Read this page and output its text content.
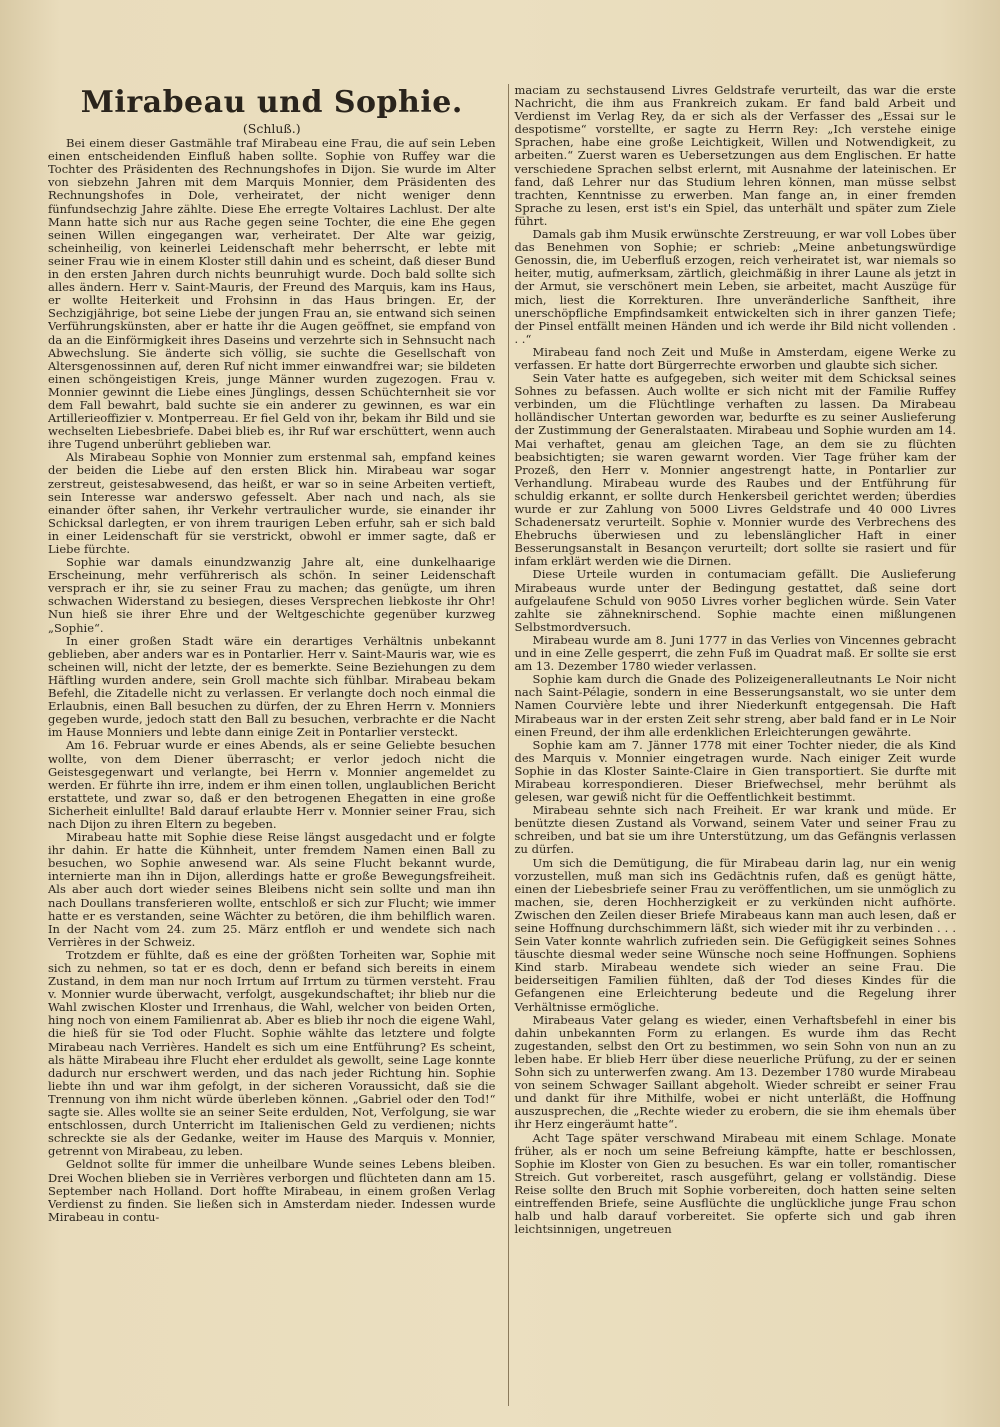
Mirabeau und Sophie.
(Schluß.)

Bei einem dieser Gastmähle traf Mirabeau eine Frau, die auf sein Leben einen entscheidenden Einfluß haben sollte. Sophie von Ruffey war die Tochter des Präsidenten des Rechnungshofes in Dijon. Sie wurde im Alter von siebzehn Jahren mit dem Marquis Monnier, dem Präsidenten des Rechnungshofes in Dole, verheiratet, der nicht weniger denn fünfundsechzig Jahre zählte. Diese Ehe erregte Voltaires Lachlust. Der alte Mann hatte sich nur aus Rache gegen seine Tochter, die eine Ehe gegen seinen Willen eingegangen war, verheiratet. Der Alte war geizig, scheinheilig, von keinerlei Leidenschaft mehr beherrscht, er lebte mit seiner Frau wie in einem Kloster still dahin und es scheint, daß dieser Bund in den ersten Jahren durch nichts beunruhigt wurde. Doch bald sollte sich alles ändern. Herr v. Saint-Mauris, der Freund des Marquis, kam ins Haus, er wollte Heiterkeit und Frohsinn in das Haus bringen. Er, der Sechzigjährige, bot seine Liebe der jungen Frau an, sie entwand sich seinen Verführungskünsten, aber er hatte ihr die Augen geöffnet, sie empfand von da an die Einförmigkeit ihres Daseins und verzehrte sich in Sehnsucht nach Abwechslung. Sie änderte sich völlig, sie suchte die Gesellschaft von Altersgenossinnen auf, deren Ruf nicht immer einwandfrei war; sie bildeten einen schöngeistigen Kreis, junge Männer wurden zugezogen. Frau v. Monnier gewinnt die Liebe eines Jünglings, dessen Schüchternheit sie vor dem Fall bewahrt, bald suchte sie ein anderer zu gewinnen, es war ein Artillerieoffizier v. Montperreau. Er fiel Geld von ihr, bekam ihr Bild und sie wechselten Liebesbriefe. Dabei blieb es, ihr Ruf war erschüttert, wenn auch ihre Tugend unberührt geblieben war.

Als Mirabeau Sophie von Monnier zum erstenmal sah, empfand keines der beiden die Liebe auf den ersten Blick hin. Mirabeau war sogar zerstreut, geistesabwesend, das heißt, er war so in seine Arbeiten vertieft, sein Interesse war anderswo gefesselt. Aber nach und nach, als sie einander öfter sahen, ihr Verkehr vertraulicher wurde, sie einander ihr Schicksal darlegten, er von ihrem traurigen Leben erfuhr, sah er sich bald in einer Leidenschaft für sie verstrickt, obwohl er immer sagte, daß er Liebe fürchte.

Sophie war damals einundzwanzig Jahre alt, eine dunkelhaarige Erscheinung, mehr verführerisch als schön. In seiner Leidenschaft versprach er ihr, sie zu seiner Frau zu machen; das genügte, um ihren schwachen Widerstand zu besiegen, dieses Versprechen liebkoste ihr Ohr! Nun hieß sie ihrer Ehre und der Weltgeschichte gegenüber kurzweg „Sophie“.

In einer großen Stadt wäre ein derartiges Verhältnis unbekannt geblieben, aber anders war es in Pontarlier. Herr v. Saint-Mauris war, wie es scheinen will, nicht der letzte, der es bemerkte. Seine Beziehungen zu dem Häftling wurden andere, sein Groll machte sich fühlbar. Mirabeau bekam Befehl, die Zitadelle nicht zu verlassen. Er verlangte doch noch einmal die Erlaubnis, einen Ball besuchen zu dürfen, der zu Ehren Herrn v. Monniers gegeben wurde, jedoch statt den Ball zu besuchen, verbrachte er die Nacht im Hause Monniers und lebte dann einige Zeit in Pontarlier versteckt.

Am 16. Februar wurde er eines Abends, als er seine Geliebte besuchen wollte, von dem Diener überrascht; er verlor jedoch nicht die Geistesgegenwart und verlangte, bei Herrn v. Monnier angemeldet zu werden. Er führte ihn irre, indem er ihm einen tollen, unglaublichen Bericht erstattete, und zwar so, daß er den betrogenen Ehegatten in eine große Sicherheit einlullte! Bald darauf erlaubte Herr v. Monnier seiner Frau, sich nach Dijon zu ihren Eltern zu begeben.

Mirabeau hatte mit Sophie diese Reise längst ausgedacht und er folgte ihr dahin. Er hatte die Kühnheit, unter fremdem Namen einen Ball zu besuchen, wo Sophie anwesend war. Als seine Flucht bekannt wurde, internierte man ihn in Dijon, allerdings hatte er große Bewegungsfreiheit. Als aber auch dort wieder seines Bleibens nicht sein sollte und man ihn nach Doullans transferieren wollte, entschloß er sich zur Flucht; wie immer hatte er es verstanden, seine Wächter zu betören, die ihm behilflich waren. In der Nacht vom 24. zum 25. März entfloh er und wendete sich nach Verrières in der Schweiz.

Trotzdem er fühlte, daß es eine der größten Torheiten war, Sophie mit sich zu nehmen, so tat er es doch, denn er befand sich bereits in einem Zustand, in dem man nur noch Irrtum auf Irrtum zu türmen versteht. Frau v. Monnier wurde überwacht, verfolgt, ausgekundschaftet; ihr blieb nur die Wahl zwischen Kloster und Irrenhaus, die Wahl, welcher von beiden Orten, hing noch von einem Familienrat ab. Aber es blieb ihr noch die eigene Wahl, die hieß für sie Tod oder Flucht. Sophie wählte das letztere und folgte Mirabeau nach Verrières. Handelt es sich um eine Entführung? Es scheint, als hätte Mirabeau ihre Flucht eher erduldet als gewollt, seine Lage konnte dadurch nur erschwert werden, und das nach jeder Richtung hin. Sophie liebte ihn und war ihm gefolgt, in der sicheren Voraussicht, daß sie die Trennung von ihm nicht würde überleben können. „Gabriel oder den Tod!“ sagte sie. Alles wollte sie an seiner Seite erdulden, Not, Verfolgung, sie war entschlossen, durch Unterricht im Italienischen Geld zu verdienen; nichts schreckte sie als der Gedanke, weiter im Hause des Marquis v. Monnier, getrennt von Mirabeau, zu leben.

Geldnot sollte für immer die unheilbare Wunde seines Lebens bleiben. Drei Wochen blieben sie in Verrières verborgen und flüchteten dann am 15. September nach Holland. Dort hoffte Mirabeau, in einem großen Verlag Verdienst zu finden. Sie ließen sich in Amsterdam nieder. Indessen wurde Mirabeau in contu-

maciam zu sechstausend Livres Geldstrafe verurteilt, das war die erste Nachricht, die ihm aus Frankreich zukam. Er fand bald Arbeit und Verdienst im Verlag Rey, da er sich als der Verfasser des „Essai sur le despotisme“ vorstellte, er sagte zu Herrn Rey: „Ich verstehe einige Sprachen, habe eine große Leichtigkeit, Willen und Notwendigkeit, zu arbeiten.“ Zuerst waren es Uebersetzungen aus dem Englischen. Er hatte verschiedene Sprachen selbst erlernt, mit Ausnahme der lateinischen. Er fand, daß Lehrer nur das Studium lehren können, man müsse selbst trachten, Kenntnisse zu erwerben. Man fange an, in einer fremden Sprache zu lesen, erst ist's ein Spiel, das unterhält und später zum Ziele führt.

Damals gab ihm Musik erwünschte Zerstreuung, er war voll Lobes über das Benehmen von Sophie; er schrieb: „Meine anbetungswürdige Genossin, die, im Ueberfluß erzogen, reich verheiratet ist, war niemals so heiter, mutig, aufmerksam, zärtlich, gleichmäßig in ihrer Laune als jetzt in der Armut, sie verschönert mein Leben, sie arbeitet, macht Auszüge für mich, liest die Korrekturen. Ihre unveränderliche Sanftheit, ihre unerschöpfliche Empfindsamkeit entwickelten sich in ihrer ganzen Tiefe; der Pinsel entfällt meinen Händen und ich werde ihr Bild nicht vollenden . . .“

Mirabeau fand noch Zeit und Muße in Amsterdam, eigene Werke zu verfassen. Er hatte dort Bürgerrechte erworben und glaubte sich sicher.

Sein Vater hatte es aufgegeben, sich weiter mit dem Schicksal seines Sohnes zu befassen. Auch wollte er sich nicht mit der Familie Ruffey verbinden, um die Flüchtlinge verhaften zu lassen. Da Mirabeau holländischer Untertan geworden war, bedurfte es zu seiner Auslieferung der Zustimmung der Generalstaaten. Mirabeau und Sophie wurden am 14. Mai verhaftet, genau am gleichen Tage, an dem sie zu flüchten beabsichtigten; sie waren gewarnt worden. Vier Tage früher kam der Prozeß, den Herr v. Monnier angestrengt hatte, in Pontarlier zur Verhandlung. Mirabeau wurde des Raubes und der Entführung für schuldig erkannt, er sollte durch Henkersbeil gerichtet werden; überdies wurde er zur Zahlung von 5000 Livres Geldstrafe und 40 000 Livres Schadenersatz verurteilt. Sophie v. Monnier wurde des Verbrechens des Ehebruchs überwiesen und zu lebenslänglicher Haft in einer Besserungsanstalt in Besançon verurteilt; dort sollte sie rasiert und für infam erklärt werden wie die Dirnen.

Diese Urteile wurden in contumaciam gefällt. Die Auslieferung Mirabeaus wurde unter der Bedingung gestattet, daß seine dort aufgelaufene Schuld von 9050 Livres vorher beglichen würde. Sein Vater zahlte sie zähneknirschend. Sophie machte einen mißlungenen Selbstmordversuch.

Mirabeau wurde am 8. Juni 1777 in das Verlies von Vincennes gebracht und in eine Zelle gesperrt, die zehn Fuß im Quadrat maß. Er sollte sie erst am 13. Dezember 1780 wieder verlassen.

Sophie kam durch die Gnade des Polizeigeneralleutnants Le Noir nicht nach Saint-Pélagie, sondern in eine Besserungsanstalt, wo sie unter dem Namen Courvière lebte und ihrer Niederkunft entgegensah. Die Haft Mirabeaus war in der ersten Zeit sehr streng, aber bald fand er in Le Noir einen Freund, der ihm alle erdenklichen Erleichterungen gewährte.

Sophie kam am 7. Jänner 1778 mit einer Tochter nieder, die als Kind des Marquis v. Monnier eingetragen wurde. Nach einiger Zeit wurde Sophie in das Kloster Sainte-Claire in Gien transportiert. Sie durfte mit Mirabeau korrespondieren. Dieser Briefwechsel, mehr berühmt als gelesen, war gewiß nicht für die Oeffentlichkeit bestimmt.

Mirabeau sehnte sich nach Freiheit. Er war krank und müde. Er benützte diesen Zustand als Vorwand, seinem Vater und seiner Frau zu schreiben, und bat sie um ihre Unterstützung, um das Gefängnis verlassen zu dürfen.

Um sich die Demütigung, die für Mirabeau darin lag, nur ein wenig vorzustellen, muß man sich ins Gedächtnis rufen, daß es genügt hätte, einen der Liebesbriefe seiner Frau zu veröffentlichen, um sie unmöglich zu machen, sie, deren Hochherzigkeit er zu verkünden nicht aufhörte. Zwischen den Zeilen dieser Briefe Mirabeaus kann man auch lesen, daß er seine Hoffnung durchschimmern läßt, sich wieder mit ihr zu verbinden . . . Sein Vater konnte wahrlich zufrieden sein. Die Gefügigkeit seines Sohnes täuschte diesmal weder seine Wünsche noch seine Hoffnungen. Sophiens Kind starb. Mirabeau wendete sich wieder an seine Frau. Die beiderseitigen Familien fühlten, daß der Tod dieses Kindes für die Gefangenen eine Erleichterung bedeute und die Regelung ihrer Verhältnisse ermögliche.

Mirabeaus Vater gelang es wieder, einen Verhaftsbefehl in einer bis dahin unbekannten Form zu erlangen. Es wurde ihm das Recht zugestanden, selbst den Ort zu bestimmen, wo sein Sohn von nun an zu leben habe. Er blieb Herr über diese neuerliche Prüfung, zu der er seinen Sohn sich zu unterwerfen zwang. Am 13. Dezember 1780 wurde Mirabeau von seinem Schwager Saillant abgeholt. Wieder schreibt er seiner Frau und dankt für ihre Mithilfe, wobei er nicht unterläßt, die Hoffnung auszusprechen, die „Rechte wieder zu erobern, die sie ihm ehemals über ihr Herz eingeräumt hatte“.

Acht Tage später verschwand Mirabeau mit einem Schlage. Monate früher, als er noch um seine Befreiung kämpfte, hatte er beschlossen, Sophie im Kloster von Gien zu besuchen. Es war ein toller, romantischer Streich. Gut vorbereitet, rasch ausgeführt, gelang er vollständig. Diese Reise sollte den Bruch mit Sophie vorbereiten, doch hatten seine selten eintreffenden Briefe, seine Ausflüchte die unglückliche junge Frau schon halb und halb darauf vorbereitet. Sie opferte sich und gab ihren leichtsinnigen, ungetreuen
